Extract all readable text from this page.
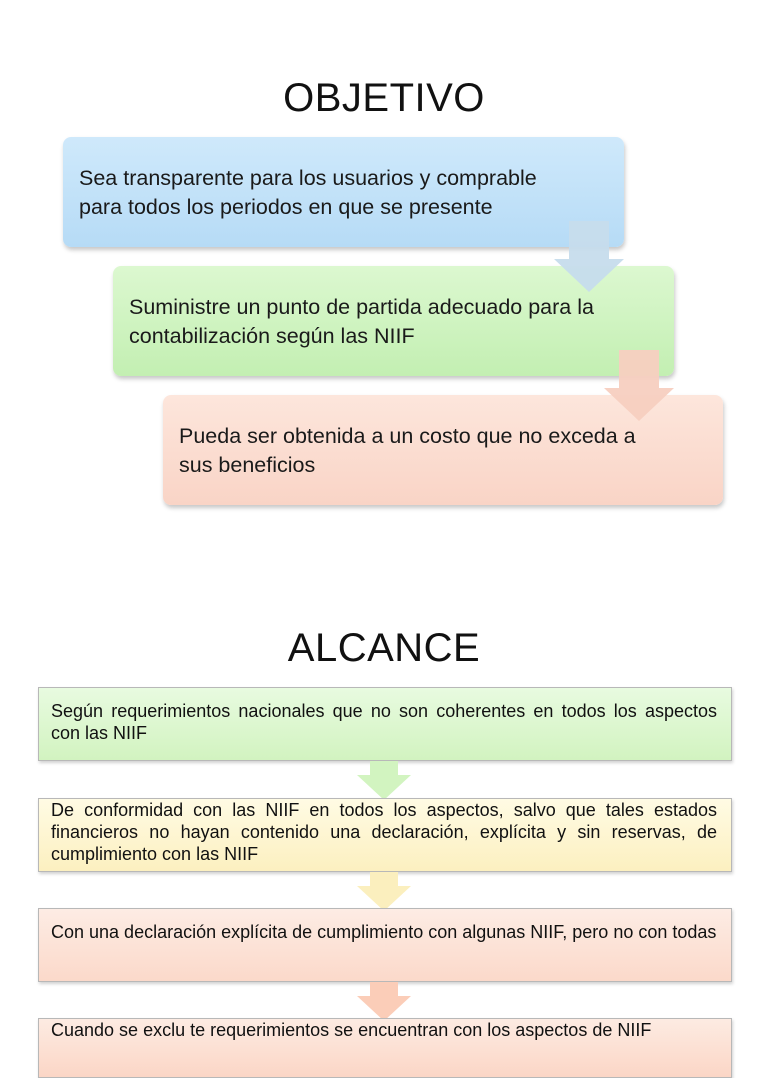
OBJETIVO
Sea transparente para los usuarios y comprable
para todos los periodos en que se presente
Suministre un punto de partida adecuado para la
contabilización según las NIIF
Pueda ser obtenida a un costo que no exceda a
sus beneficios
ALCANCE
Según requerimientos nacionales que no son coherentes en todos los aspectos con las NIIF
De conformidad con las NIIF en todos los aspectos, salvo que tales estados financieros no hayan contenido una declaración, explícita y sin reservas, de cumplimiento con las NIIF
Con una declaración explícita de cumplimiento con algunas NIIF, pero no con todas
Cuando se exclu te requerimientos se encuentran con los aspectos de NIIF
